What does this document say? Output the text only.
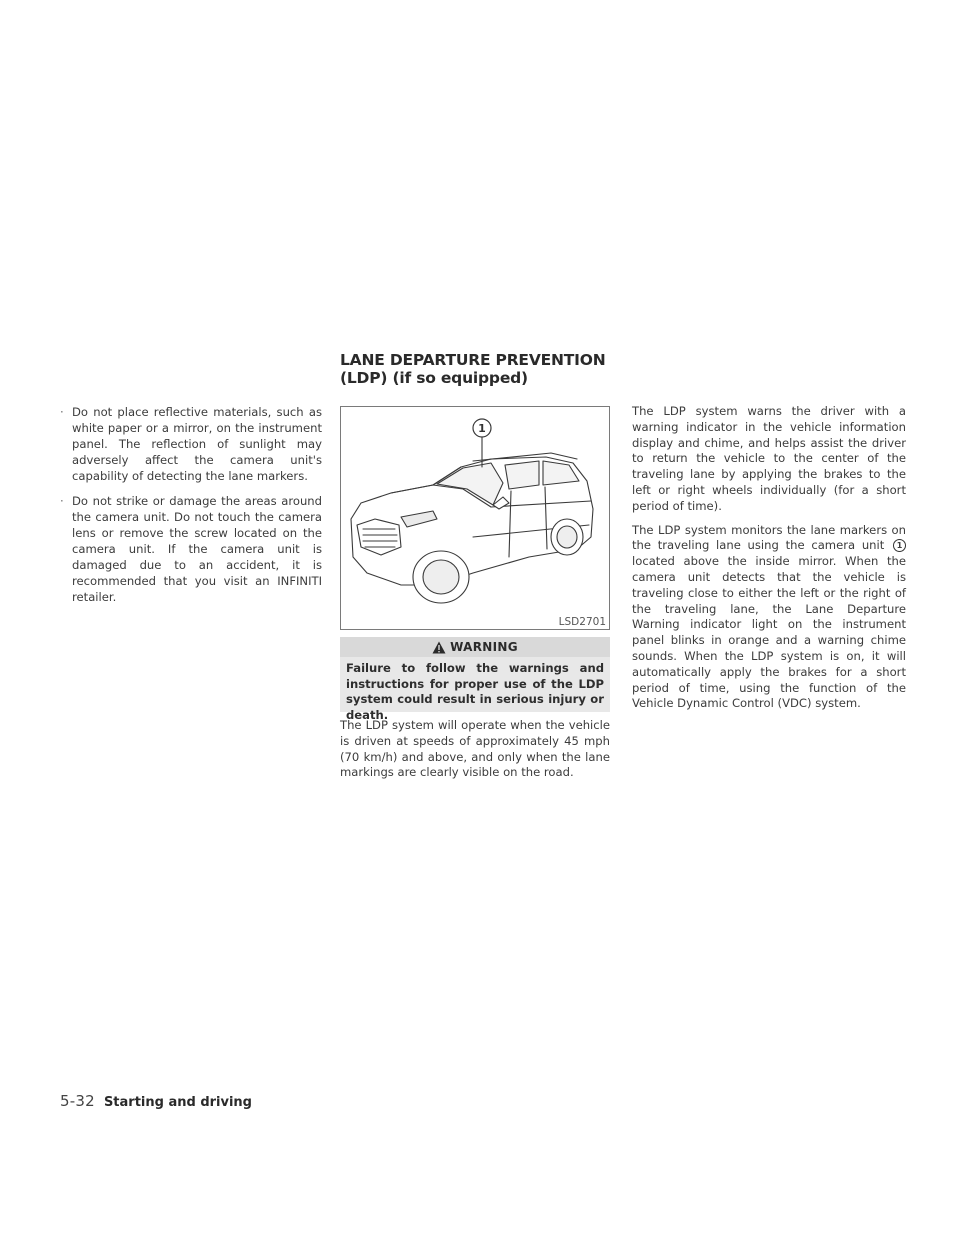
LANE DEPARTURE PREVENTION
(LDP) (if so equipped)
· Do not place reflective materials, such as white paper or a mirror, on the instrument panel. The reflection of sunlight may adversely affect the camera unit's capability of detecting the lane markers.
· Do not strike or damage the areas around the camera unit. Do not touch the camera lens or remove the screw located on the camera unit. If the camera unit is damaged due to an accident, it is recommended that you visit an INFINITI retailer.
1
LSD2701
WARNING
Failure to follow the warnings and instructions for proper use of the LDP system could result in serious injury or death.
The LDP system will operate when the vehicle is driven at speeds of approximately 45 mph (70 km/h) and above, and only when the lane markings are clearly visible on the road.
The LDP system warns the driver with a warning indicator in the vehicle information display and chime, and helps assist the driver to return the vehicle to the center of the traveling lane by applying the brakes to the left or right wheels individually (for a short period of time).
The LDP system monitors the lane markers on the traveling lane using the camera unit 1 located above the inside mirror. When the camera unit detects that the vehicle is traveling close to either the left or the right of the traveling lane, the Lane Departure Warning indicator light on the instrument panel blinks in orange and a warning chime sounds. When the LDP system is on, it will automatically apply the brakes for a short period of time, using the function of the Vehicle Dynamic Control (VDC) system.
5-32 Starting and driving
